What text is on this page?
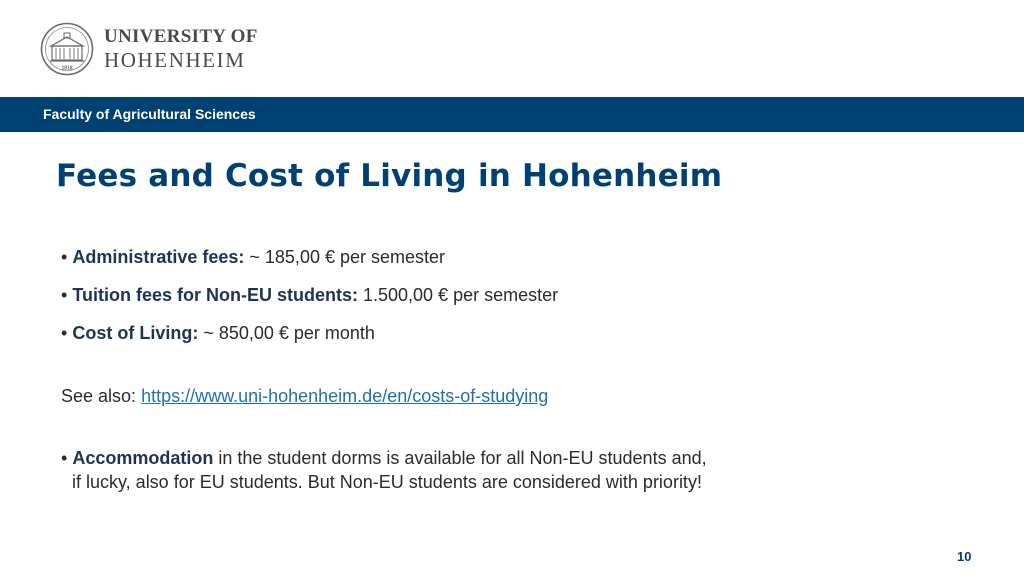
1818
UNIVERSITY OF
HOHENHEIM
Faculty of Agricultural Sciences
Fees and Cost of Living in Hohenheim

• Administrative fees: ~ 185,00 € per semester

• Tuition fees for Non-EU students: 1.500,00 € per semester

• Cost of Living: ~ 850,00 € per month

See also: https://www.uni-hohenheim.de/en/costs-of-studying

• Accommodation in the student dorms is available for all Non-EU students and,
if lucky, also for EU students. But Non-EU students are considered with priority!

10
